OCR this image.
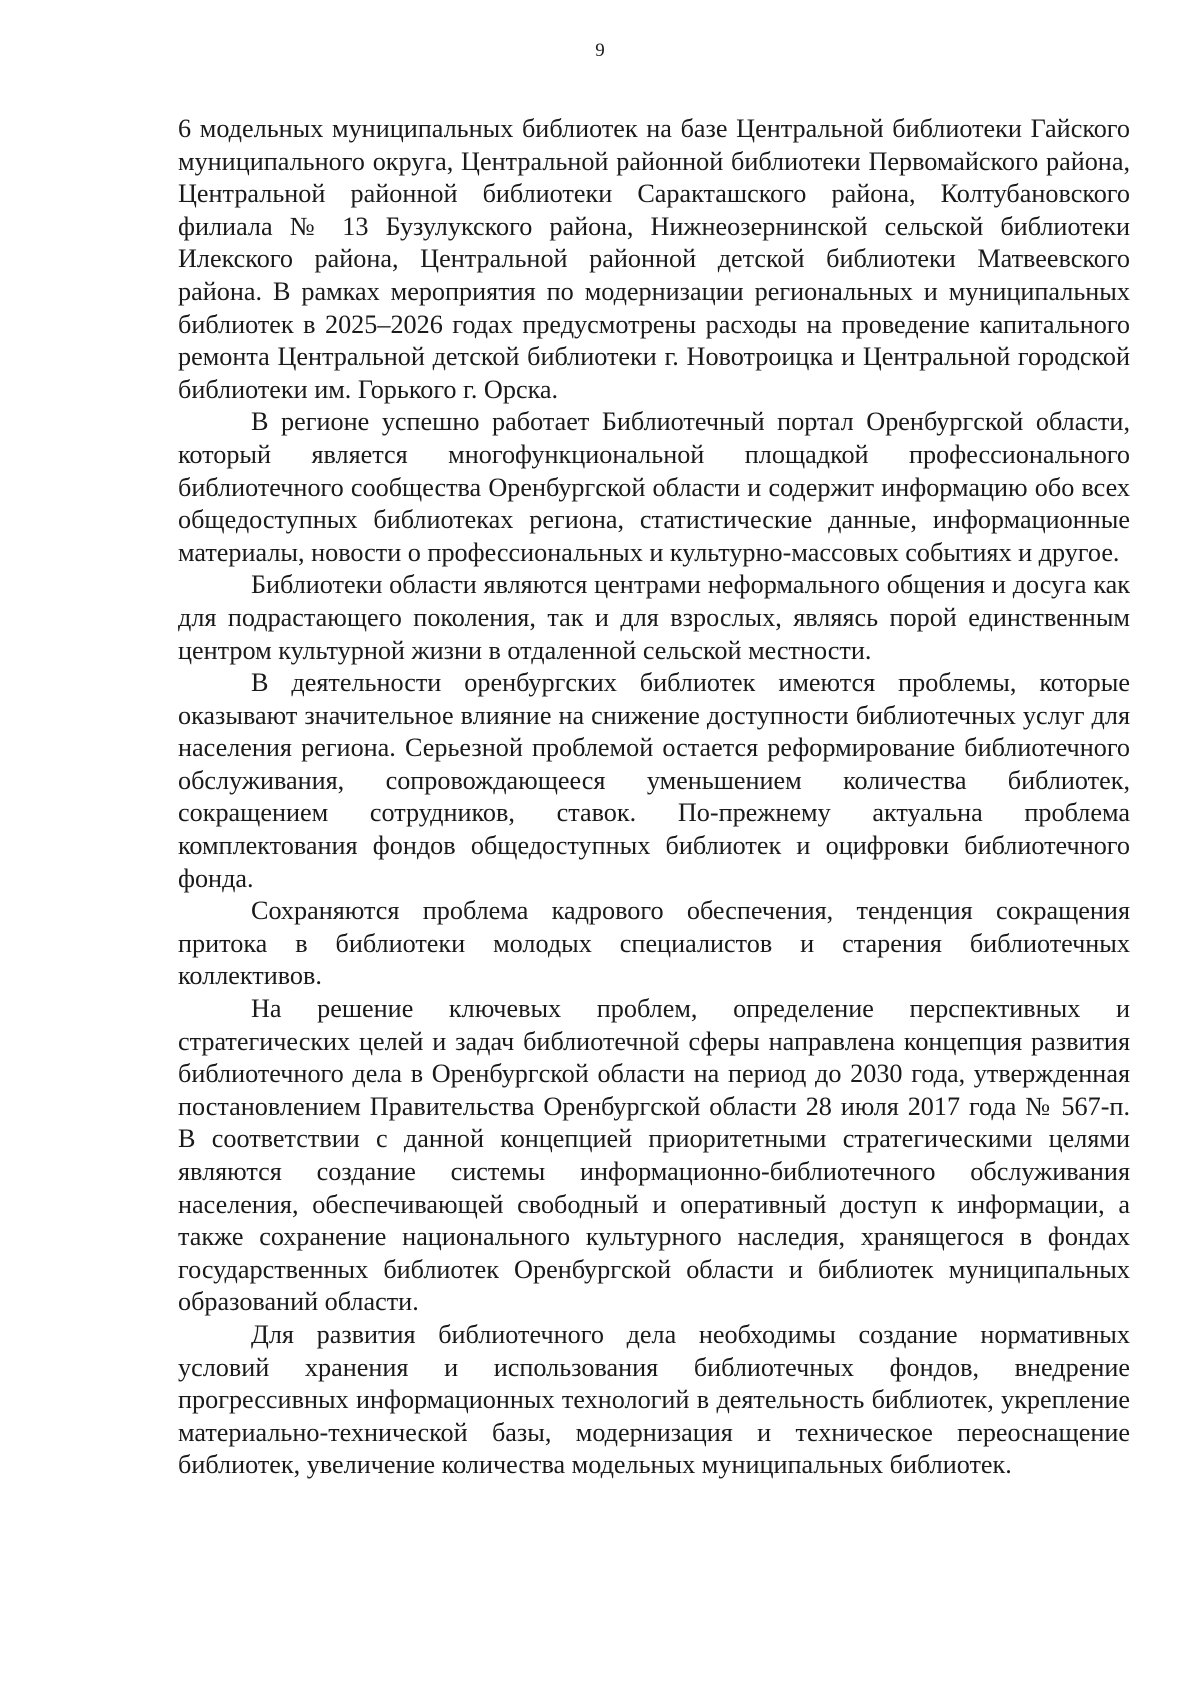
9

6 модельных муниципальных библиотек на базе Центральной библиотеки Гайского муниципального округа, Центральной районной библиотеки Первомайского района, Центральной районной библиотеки Саракташского района, Колтубановского филиала № 13 Бузулукского района, Нижнеозернинской сельской библиотеки Илекского района, Центральной районной детской библиотеки Матвеевского района. В рамках мероприятия по модернизации региональных и муниципальных библиотек в 2025–2026 годах предусмотрены расходы на проведение капитального ремонта Центральной детской библиотеки г. Новотроицка и Центральной городской библиотеки им. Горького г. Орска.

В регионе успешно работает Библиотечный портал Оренбургской области, который является многофункциональной площадкой профессионального библиотечного сообщества Оренбургской области и содержит информацию обо всех общедоступных библиотеках региона, статистические данные, информационные материалы, новости о профессиональных и культурно-массовых событиях и другое.

Библиотеки области являются центрами неформального общения и досуга как для подрастающего поколения, так и для взрослых, являясь порой единственным центром культурной жизни в отдаленной сельской местности.

В деятельности оренбургских библиотек имеются проблемы, которые оказывают значительное влияние на снижение доступности библиотечных услуг для населения региона. Серьезной проблемой остается реформирование библиотечного обслуживания, сопровождающееся уменьшением количества библиотек, сокращением сотрудников, ставок. По-прежнему актуальна проблема комплектования фондов общедоступных библиотек и оцифровки библиотечного фонда.

Сохраняются проблема кадрового обеспечения, тенденция сокращения притока в библиотеки молодых специалистов и старения библиотечных коллективов.

На решение ключевых проблем, определение перспективных и стратегических целей и задач библиотечной сферы направлена концепция развития библиотечного дела в Оренбургской области на период до 2030 года, утвержденная постановлением Правительства Оренбургской области 28 июля 2017 года № 567-п. В соответствии с данной концепцией приоритетными стратегическими целями являются создание системы информационно-библиотечного обслуживания населения, обеспечивающей свободный и оперативный доступ к информации, а также сохранение национального культурного наследия, хранящегося в фондах государственных библиотек Оренбургской области и библиотек муниципальных образований области.

Для развития библиотечного дела необходимы создание нормативных условий хранения и использования библиотечных фондов, внедрение прогрессивных информационных технологий в деятельность библиотек, укрепление материально-технической базы, модернизация и техническое переоснащение библиотек, увеличение количества модельных муниципальных библиотек.
